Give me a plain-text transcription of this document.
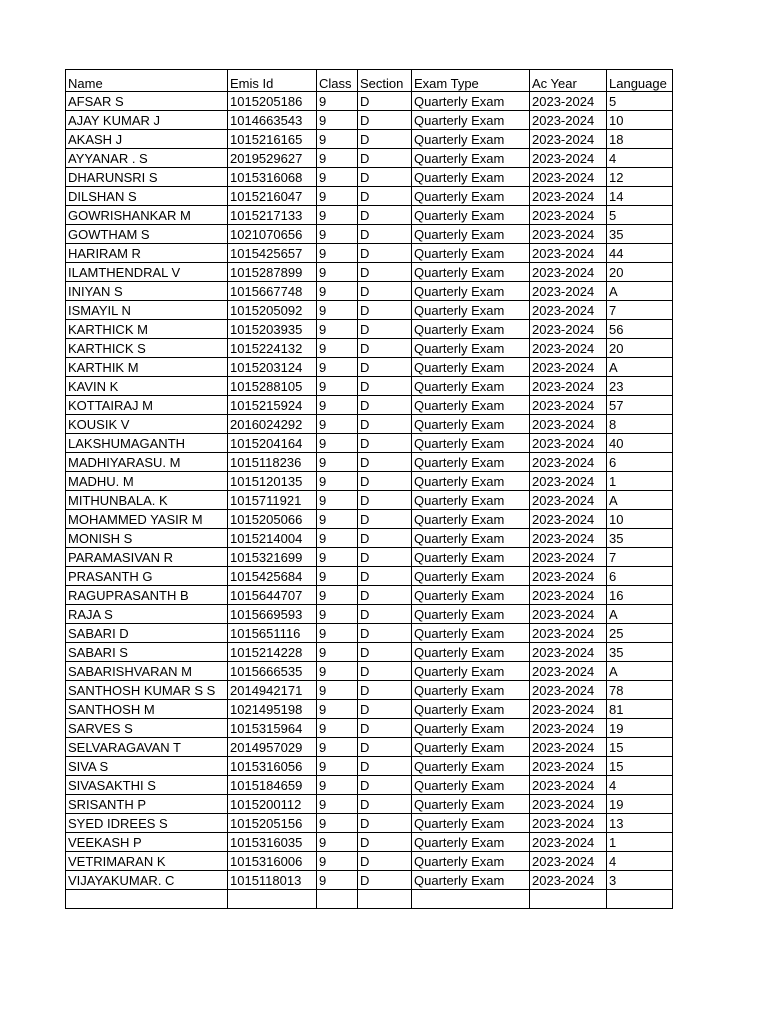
Name	Emis Id	Class	Section	Exam Type	Ac Year	Language
AFSAR S	1015205186	9	D	Quarterly Exam	2023-2024	5
AJAY KUMAR J	1014663543	9	D	Quarterly Exam	2023-2024	10
AKASH J	1015216165	9	D	Quarterly Exam	2023-2024	18
AYYANAR . S	2019529627	9	D	Quarterly Exam	2023-2024	4
DHARUNSRI S	1015316068	9	D	Quarterly Exam	2023-2024	12
DILSHAN S	1015216047	9	D	Quarterly Exam	2023-2024	14
GOWRISHANKAR M	1015217133	9	D	Quarterly Exam	2023-2024	5
GOWTHAM S	1021070656	9	D	Quarterly Exam	2023-2024	35
HARIRAM R	1015425657	9	D	Quarterly Exam	2023-2024	44
ILAMTHENDRAL V	1015287899	9	D	Quarterly Exam	2023-2024	20
INIYAN S	1015667748	9	D	Quarterly Exam	2023-2024	A
ISMAYIL N	1015205092	9	D	Quarterly Exam	2023-2024	7
KARTHICK M	1015203935	9	D	Quarterly Exam	2023-2024	56
KARTHICK S	1015224132	9	D	Quarterly Exam	2023-2024	20
KARTHIK M	1015203124	9	D	Quarterly Exam	2023-2024	A
KAVIN K	1015288105	9	D	Quarterly Exam	2023-2024	23
KOTTAIRAJ M	1015215924	9	D	Quarterly Exam	2023-2024	57
KOUSIK V	2016024292	9	D	Quarterly Exam	2023-2024	8
LAKSHUMAGANTH	1015204164	9	D	Quarterly Exam	2023-2024	40
MADHIYARASU. M	1015118236	9	D	Quarterly Exam	2023-2024	6
MADHU. M	1015120135	9	D	Quarterly Exam	2023-2024	1
MITHUNBALA. K	1015711921	9	D	Quarterly Exam	2023-2024	A
MOHAMMED YASIR M	1015205066	9	D	Quarterly Exam	2023-2024	10
MONISH S	1015214004	9	D	Quarterly Exam	2023-2024	35
PARAMASIVAN R	1015321699	9	D	Quarterly Exam	2023-2024	7
PRASANTH G	1015425684	9	D	Quarterly Exam	2023-2024	6
RAGUPRASANTH B	1015644707	9	D	Quarterly Exam	2023-2024	16
RAJA S	1015669593	9	D	Quarterly Exam	2023-2024	A
SABARI D	1015651116	9	D	Quarterly Exam	2023-2024	25
SABARI S	1015214228	9	D	Quarterly Exam	2023-2024	35
SABARISHVARAN M	1015666535	9	D	Quarterly Exam	2023-2024	A
SANTHOSH KUMAR S S	2014942171	9	D	Quarterly Exam	2023-2024	78
SANTHOSH M	1021495198	9	D	Quarterly Exam	2023-2024	81
SARVES S	1015315964	9	D	Quarterly Exam	2023-2024	19
SELVARAGAVAN T	2014957029	9	D	Quarterly Exam	2023-2024	15
SIVA S	1015316056	9	D	Quarterly Exam	2023-2024	15
SIVASAKTHI S	1015184659	9	D	Quarterly Exam	2023-2024	4
SRISANTH P	1015200112	9	D	Quarterly Exam	2023-2024	19
SYED IDREES S	1015205156	9	D	Quarterly Exam	2023-2024	13
VEEKASH P	1015316035	9	D	Quarterly Exam	2023-2024	1
VETRIMARAN K	1015316006	9	D	Quarterly Exam	2023-2024	4
VIJAYAKUMAR. C	1015118013	9	D	Quarterly Exam	2023-2024	3
